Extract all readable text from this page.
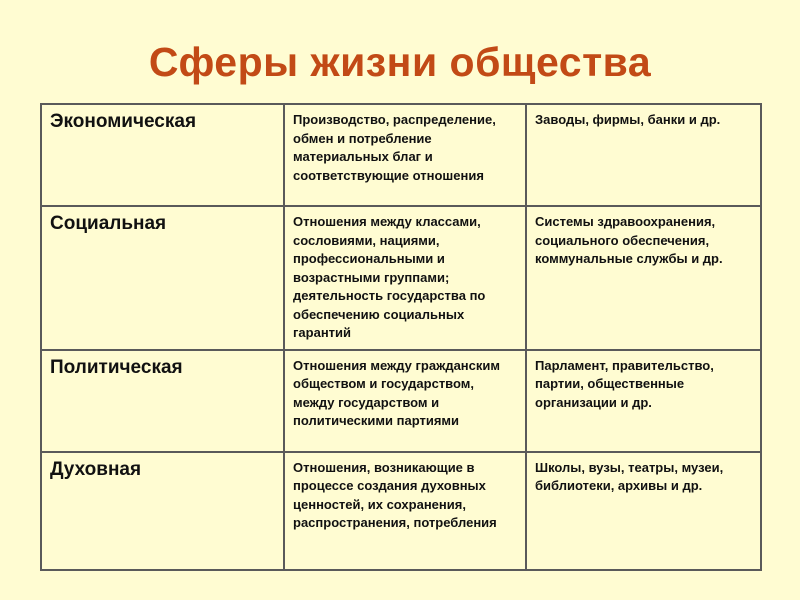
Сферы жизни общества
Экономическая	Производство, распределение, обмен и потребление материальных благ и соответствующие отношения	Заводы, фирмы, банки и др.
Социальная	Отношения между классами, сословиями, нациями, профессиональными и возрастными группами; деятельность государства по обеспечению социальных гарантий	Системы здравоохранения, социального обеспечения, коммунальные службы и др.
Политическая	Отношения между гражданским обществом и государством, между государством и политическими партиями	Парламент, правительство, партии, общественные организации и др.
Духовная	Отношения, возникающие в процессе создания духовных ценностей, их сохранения, распространения, потребления	Школы, вузы, театры, музеи, библиотеки, архивы и др.
